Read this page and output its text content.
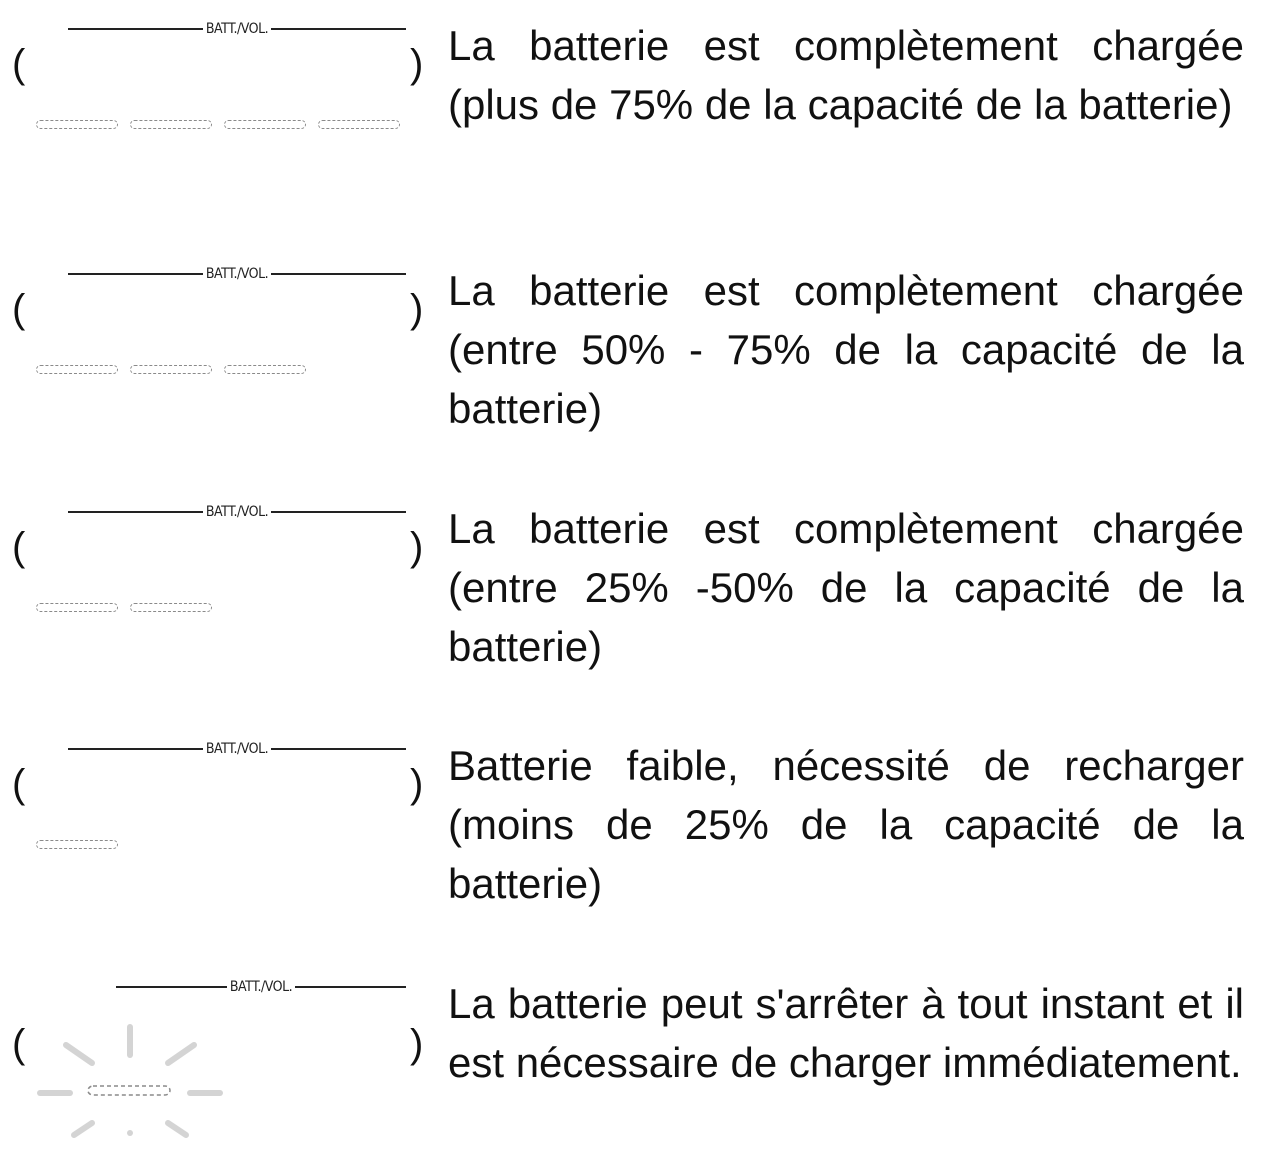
BATT./VOL.
(	) La batterie est complètement chargée (plus de 75% de la capacité de la batterie)

BATT./VOL.
(	) La batterie est complètement chargée (entre 50% - 75% de la capacité de la batterie)

BATT./VOL.
(	) La batterie est complètement chargée (entre 25% -50% de la capacité de la batterie)

BATT./VOL.
(	) Batterie faible, nécessité de recharger (moins de 25% de la capacité de la batterie)

BATT./VOL.
(	)

La batterie peut s'arrêter à tout instant et il est nécessaire de charger immédiatement.
